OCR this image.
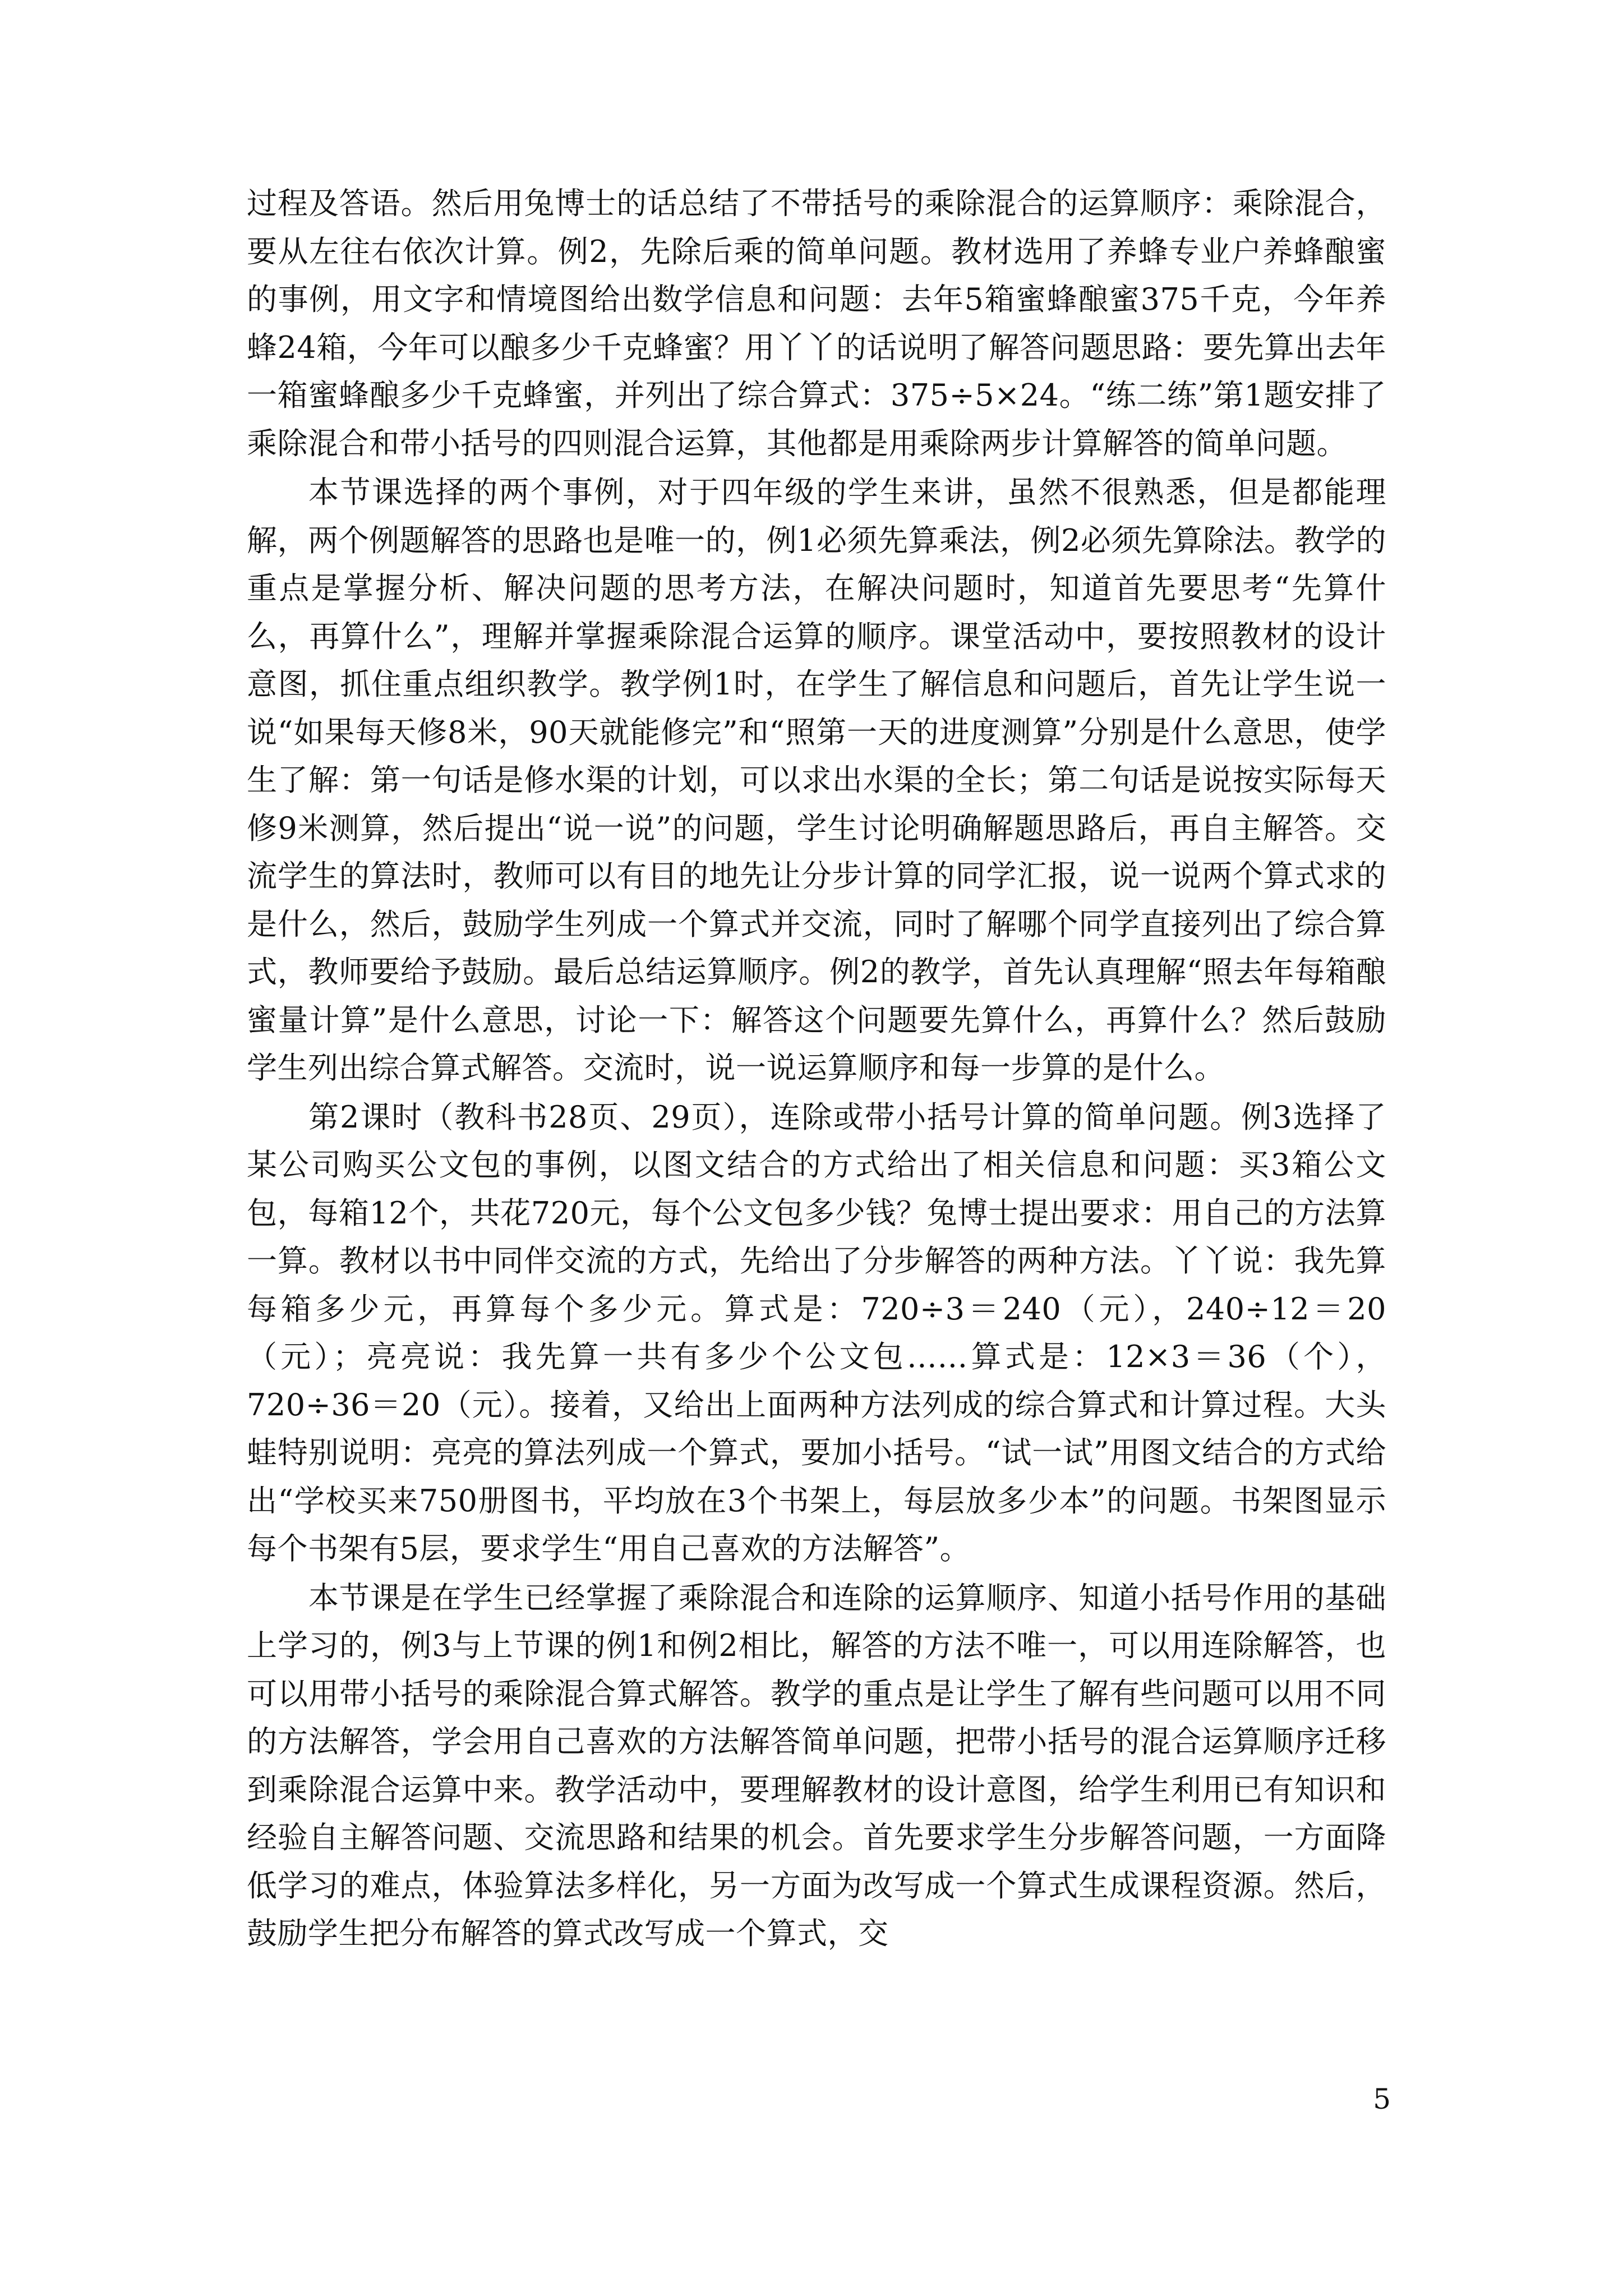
过程及答语。然后用兔博士的话总结了不带括号的乘除混合的运算顺序：乘除混合，要从左往右依次计算。例2，先除后乘的简单问题。教材选用了养蜂专业户养蜂酿蜜的事例，用文字和情境图给出数学信息和问题：去年5箱蜜蜂酿蜜375千克，今年养蜂24箱，今年可以酿多少千克蜂蜜？用丫丫的话说明了解答问题思路：要先算出去年一箱蜜蜂酿多少千克蜂蜜，并列出了综合算式：375÷5×24。“练二练”第1题安排了乘除混合和带小括号的四则混合运算，其他都是用乘除两步计算解答的简单问题。

本节课选择的两个事例，对于四年级的学生来讲，虽然不很熟悉，但是都能理解，两个例题解答的思路也是唯一的，例1必须先算乘法，例2必须先算除法。教学的重点是掌握分析、解决问题的思考方法，在解决问题时，知道首先要思考“先算什么，再算什么”，理解并掌握乘除混合运算的顺序。课堂活动中，要按照教材的设计意图，抓住重点组织教学。教学例1时，在学生了解信息和问题后，首先让学生说一说“如果每天修8米，90天就能修完”和“照第一天的进度测算”分别是什么意思，使学生了解：第一句话是修水渠的计划，可以求出水渠的全长；第二句话是说按实际每天修9米测算，然后提出“说一说”的问题，学生讨论明确解题思路后，再自主解答。交流学生的算法时，教师可以有目的地先让分步计算的同学汇报，说一说两个算式求的是什么，然后，鼓励学生列成一个算式并交流，同时了解哪个同学直接列出了综合算式，教师要给予鼓励。最后总结运算顺序。例2的教学，首先认真理解“照去年每箱酿蜜量计算”是什么意思，讨论一下：解答这个问题要先算什么，再算什么？然后鼓励学生列出综合算式解答。交流时，说一说运算顺序和每一步算的是什么。

第2课时（教科书28页、29页），连除或带小括号计算的简单问题。例3选择了某公司购买公文包的事例，以图文结合的方式给出了相关信息和问题：买3箱公文包，每箱12个，共花720元，每个公文包多少钱？兔博士提出要求：用自己的方法算一算。教材以书中同伴交流的方式，先给出了分步解答的两种方法。丫丫说：我先算每箱多少元，再算每个多少元。算式是：720÷3＝240（元），240÷12＝20（元）；亮亮说：我先算一共有多少个公文包……算式是：12×3＝36（个），720÷36＝20（元）。接着，又给出上面两种方法列成的综合算式和计算过程。大头蛙特别说明：亮亮的算法列成一个算式，要加小括号。“试一试”用图文结合的方式给出“学校买来750册图书，平均放在3个书架上，每层放多少本”的问题。书架图显示每个书架有5层，要求学生“用自己喜欢的方法解答”。

本节课是在学生已经掌握了乘除混合和连除的运算顺序、知道小括号作用的基础上学习的，例3与上节课的例1和例2相比，解答的方法不唯一，可以用连除解答，也可以用带小括号的乘除混合算式解答。教学的重点是让学生了解有些问题可以用不同的方法解答，学会用自己喜欢的方法解答简单问题，把带小括号的混合运算顺序迁移到乘除混合运算中来。教学活动中，要理解教材的设计意图，给学生利用已有知识和经验自主解答问题、交流思路和结果的机会。首先要求学生分步解答问题，一方面降低学习的难点，体验算法多样化，另一方面为改写成一个算式生成课程资源。然后，鼓励学生把分布解答的算式改写成一个算式，交

5
